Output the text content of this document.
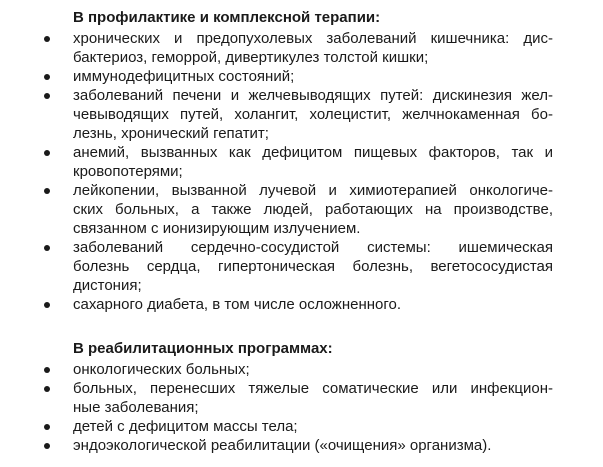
В профилактике и комплексной терапии:
хронических и предопухолевых заболеваний кишечника: дис-
бактериоз, геморрой, дивертикулез толстой кишки;
иммунодефицитных состояний;
заболеваний печени и желчевыводящих путей: дискинезия жел-
чевыводящих путей, холангит, холецистит, желчнокаменная бо-
лезнь, хронический гепатит;
анемий, вызванных как дефицитом пищевых факторов, так и
кровопотерями;
лейкопении, вызванной лучевой и химиотерапией онкологиче-
ских больных, а также людей, работающих на производстве,
связанном с ионизирующим излучением.
заболеваний сердечно-сосудистой системы: ишемическая
болезнь сердца, гипертоническая болезнь, вегетососудистая
дистония;
сахарного диабета, в том числе осложненного.
В реабилитационных программах:
онкологических больных;
больных, перенесших тяжелые соматические или инфекцион-
ные заболевания;
детей с дефицитом массы тела;
эндоэкологической реабилитации («очищения» организма).
